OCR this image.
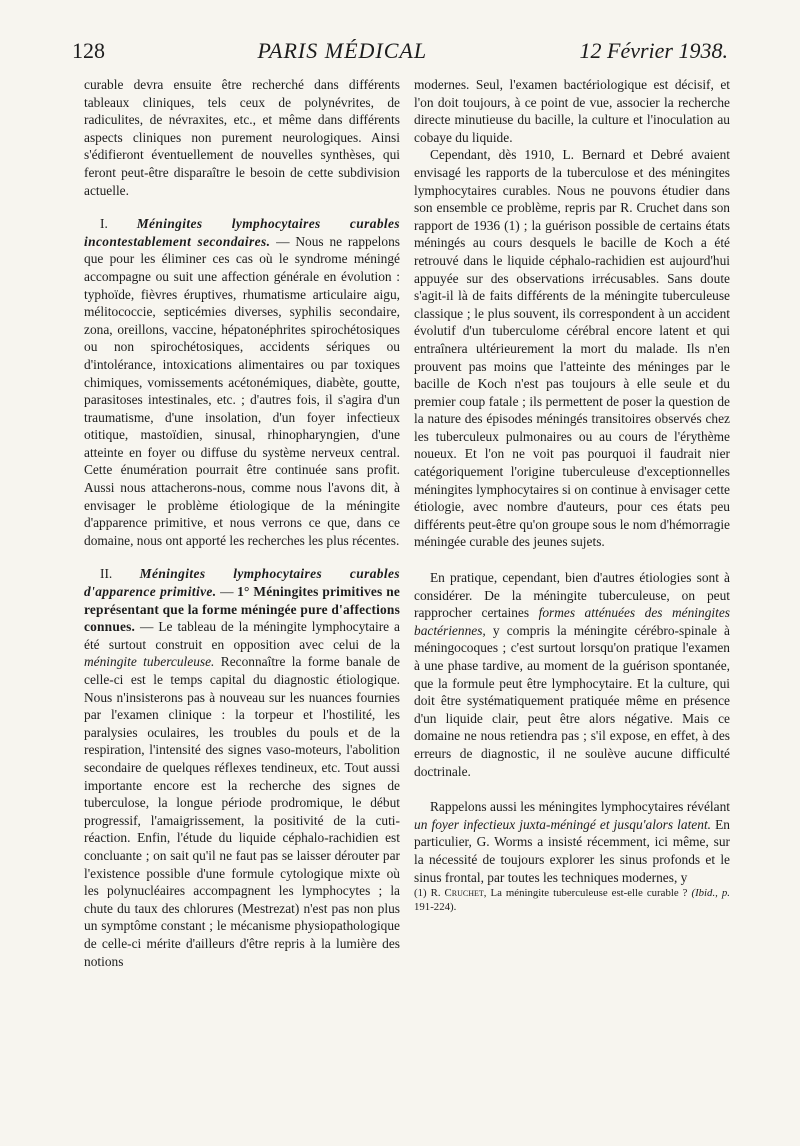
128	PARIS MÉDICAL	12 Février 1938.

curable devra ensuite être recherché dans différents tableaux cliniques, tels ceux de polynévrites, de radiculites, de névraxites, etc., et même dans différents aspects cliniques non purement neurologiques. Ainsi s'édifieront éventuellement de nouvelles synthèses, qui feront peut-être disparaître le besoin de cette subdivision actuelle.

I. Méningites lymphocytaires curables incontestablement secondaires. — Nous ne rappelons que pour les éliminer ces cas où le syndrome méningé accompagne ou suit une affection générale en évolution : typhoïde, fièvres éruptives, rhumatisme articulaire aigu, mélitococcie, septicémies diverses, syphilis secondaire, zona, oreillons, vaccine, hépatonéphrites spirochétosiques ou non spirochétosiques, accidents sériques ou d'intolérance, intoxications alimentaires ou par toxiques chimiques, vomissements acétonémiques, diabète, goutte, parasitoses intestinales, etc. ; d'autres fois, il s'agira d'un traumatisme, d'une insolation, d'un foyer infectieux otitique, mastoïdien, sinusal, rhinopharyngien, d'une atteinte en foyer ou diffuse du système nerveux central. Cette énumération pourrait être continuée sans profit. Aussi nous attacherons-nous, comme nous l'avons dit, à envisager le problème étiologique de la méningite d'apparence primitive, et nous verrons ce que, dans ce domaine, nous ont apporté les recherches les plus récentes.

II. Méningites lymphocytaires curables d'apparence primitive. — 1° Méningites primitives ne représentant que la forme méningée pure d'affections connues. — Le tableau de la méningite lymphocytaire a été surtout construit en opposition avec celui de la méningite tuberculeuse. Reconnaître la forme banale de celle-ci est le temps capital du diagnostic étiologique. Nous n'insisterons pas à nouveau sur les nuances fournies par l'examen clinique : la torpeur et l'hostilité, les paralysies oculaires, les troubles du pouls et de la respiration, l'intensité des signes vaso-moteurs, l'abolition secondaire de quelques réflexes tendineux, etc. Tout aussi importante encore est la recherche des signes de tuberculose, la longue période prodromique, le début progressif, l'amaigrissement, la positivité de la cuti-réaction. Enfin, l'étude du liquide céphalo-rachidien est concluante ; on sait qu'il ne faut pas se laisser dérouter par l'existence possible d'une formule cytologique mixte où les polynucléaires accompagnent les lymphocytes ; la chute du taux des chlorures (Mestrezat) n'est pas non plus un symptôme constant ; le mécanisme physiopathologique de celle-ci mérite d'ailleurs d'être repris à la lumière des notions

modernes. Seul, l'examen bactériologique est décisif, et l'on doit toujours, à ce point de vue, associer la recherche directe minutieuse du bacille, la culture et l'inoculation au cobaye du liquide.

Cependant, dès 1910, L. Bernard et Debré avaient envisagé les rapports de la tuberculose et des méningites lymphocytaires curables. Nous ne pouvons étudier dans son ensemble ce problème, repris par R. Cruchet dans son rapport de 1936 (1) ; la guérison possible de certains états méningés au cours desquels le bacille de Koch a été retrouvé dans le liquide céphalo-rachidien est aujourd'hui appuyée sur des observations irrécusables. Sans doute s'agit-il là de faits différents de la méningite tuberculeuse classique ; le plus souvent, ils correspondent à un accident évolutif d'un tuberculome cérébral encore latent et qui entraînera ultérieurement la mort du malade. Ils n'en prouvent pas moins que l'atteinte des méninges par le bacille de Koch n'est pas toujours à elle seule et du premier coup fatale ; ils permettent de poser la question de la nature des épisodes méningés transitoires observés chez les tuberculeux pulmonaires ou au cours de l'érythème noueux. Et l'on ne voit pas pourquoi il faudrait nier catégoriquement l'origine tuberculeuse d'exceptionnelles méningites lymphocytaires si on continue à envisager cette étiologie, avec nombre d'auteurs, pour ces états peu différents peut-être qu'on groupe sous le nom d'hémorragie méningée curable des jeunes sujets.

En pratique, cependant, bien d'autres étiologies sont à considérer. De la méningite tuberculeuse, on peut rapprocher certaines formes atténuées des méningites bactériennes, y compris la méningite cérébro-spinale à méningocoques ; c'est surtout lorsqu'on pratique l'examen à une phase tardive, au moment de la guérison spontanée, que la formule peut être lymphocytaire. Et la culture, qui doit être systématiquement pratiquée même en présence d'un liquide clair, peut être alors négative. Mais ce domaine ne nous retiendra pas ; s'il expose, en effet, à des erreurs de diagnostic, il ne soulève aucune difficulté doctrinale.

Rappelons aussi les méningites lymphocytaires révélant un foyer infectieux juxta-méningé et jusqu'alors latent. En particulier, G. Worms a insisté récemment, ici même, sur la nécessité de toujours explorer les sinus profonds et le sinus frontal, par toutes les techniques modernes, y

(1) R. Cruchet, La méningite tuberculeuse est-elle curable ? (Ibid., p. 191-224).
